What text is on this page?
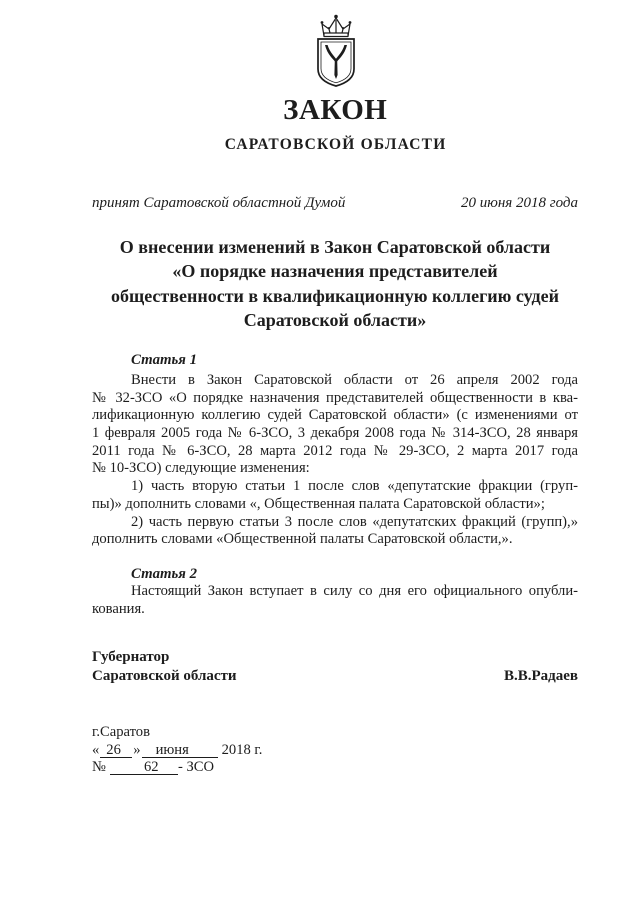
ЗАКОН
САРАТОВСКОЙ ОБЛАСТИ
принят Саратовской областной Думой	20 июня 2018 года
О внесении изменений в Закон Саратовской области
«О порядке назначения представителей
общественности в квалификационную коллегию судей
Саратовской области»
Статья 1
Внести в Закон Саратовской области от 26 апреля 2002 года
№ 32-ЗСО «О порядке назначения представителей общественности в ква-
лификационную коллегию судей Саратовской области» (с изменениями от
1 февраля 2005 года № 6-ЗСО, 3 декабря 2008 года № 314-ЗСО, 28 января
2011 года № 6-ЗСО, 28 марта 2012 года № 29-ЗСО, 2 марта 2017 года
№ 10-ЗСО) следующие изменения:
1) часть вторую статьи 1 после слов «депутатские фракции (груп-
пы)» дополнить словами «, Общественная палата Саратовской области»;
2) часть первую статьи 3 после слов «депутатских фракций (групп),»
дополнить словами «Общественной палаты Саратовской области,».
Статья 2
Настоящий Закон вступает в силу со дня его официального опубли-
кования.
Губернатор
Саратовской области	В.В.Радаев
г.Саратов
« 26 » июня 2018 г.
№	62 - ЗСО
